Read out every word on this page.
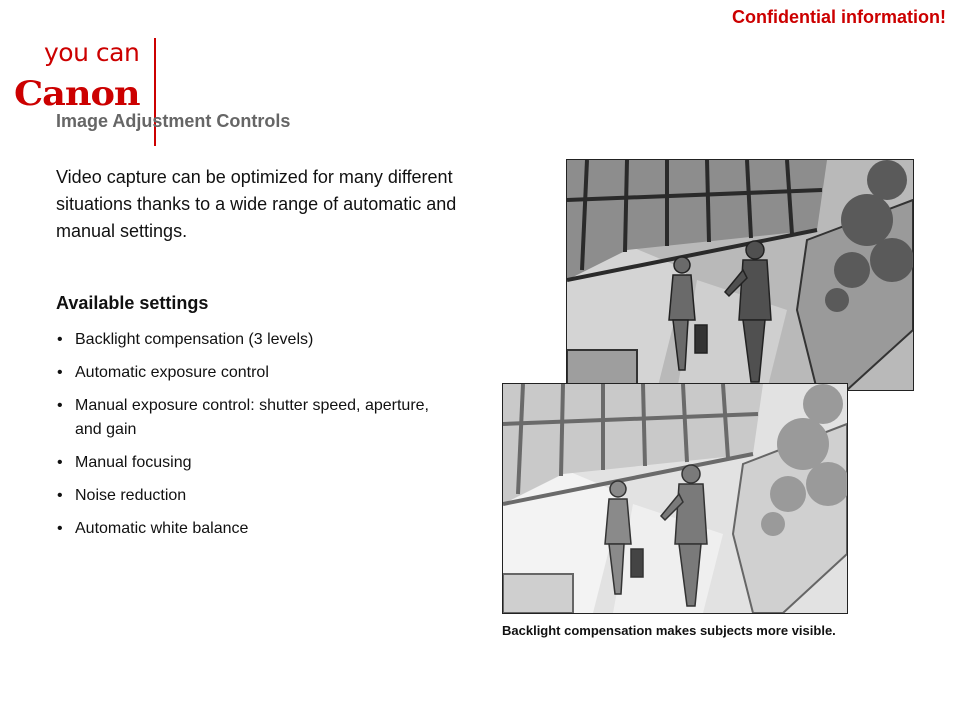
you can
Canon
Confidential information!
Image Adjustment Controls
Video capture can be optimized for many different situations thanks to a wide range of automatic and manual settings.
Available settings
• Backlight compensation (3 levels)
• Automatic exposure control
• Manual exposure control: shutter speed, aperture, and gain
• Manual focusing
• Noise reduction
• Automatic white balance
Backlight compensation makes subjects more visible.
